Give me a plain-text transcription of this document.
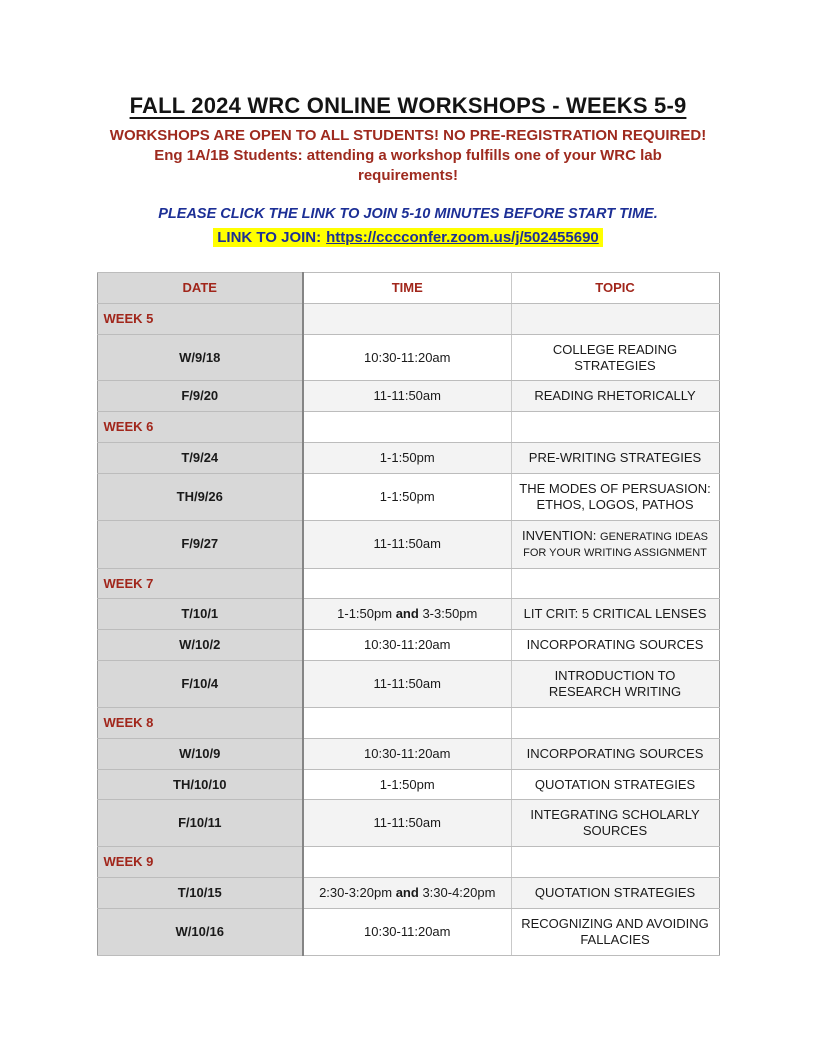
FALL 2024 WRC ONLINE WORKSHOPS - WEEKS 5-9

WORKSHOPS ARE OPEN TO ALL STUDENTS! NO PRE-REGISTRATION REQUIRED!

Eng 1A/1B Students: attending a workshop fulfills one of your WRC lab
requirements!

PLEASE CLICK THE LINK TO JOIN 5-10 MINUTES BEFORE START TIME.

LINK TO JOIN: https://cccconfer.zoom.us/j/502455690

DATE	TIME	TOPIC
WEEK 5		
W/9/18	10:30-11:20am	COLLEGE READING STRATEGIES
F/9/20	11-11:50am	READING RHETORICALLY
WEEK 6		
T/9/24	1-1:50pm	PRE-WRITING STRATEGIES
TH/9/26	1-1:50pm	THE MODES OF PERSUASION: ETHOS, LOGOS, PATHOS
F/9/27	11-11:50am	INVENTION: GENERATING IDEAS FOR YOUR WRITING ASSIGNMENT
WEEK 7		
T/10/1	1-1:50pm and 3-3:50pm	LIT CRIT: 5 CRITICAL LENSES
W/10/2	10:30-11:20am	INCORPORATING SOURCES
F/10/4	11-11:50am	INTRODUCTION TO RESEARCH WRITING
WEEK 8		
W/10/9	10:30-11:20am	INCORPORATING SOURCES
TH/10/10	1-1:50pm	QUOTATION STRATEGIES
F/10/11	11-11:50am	INTEGRATING SCHOLARLY SOURCES
WEEK 9		
T/10/15	2:30-3:20pm and 3:30-4:20pm	QUOTATION STRATEGIES
W/10/16	10:30-11:20am	RECOGNIZING AND AVOIDING FALLACIES
